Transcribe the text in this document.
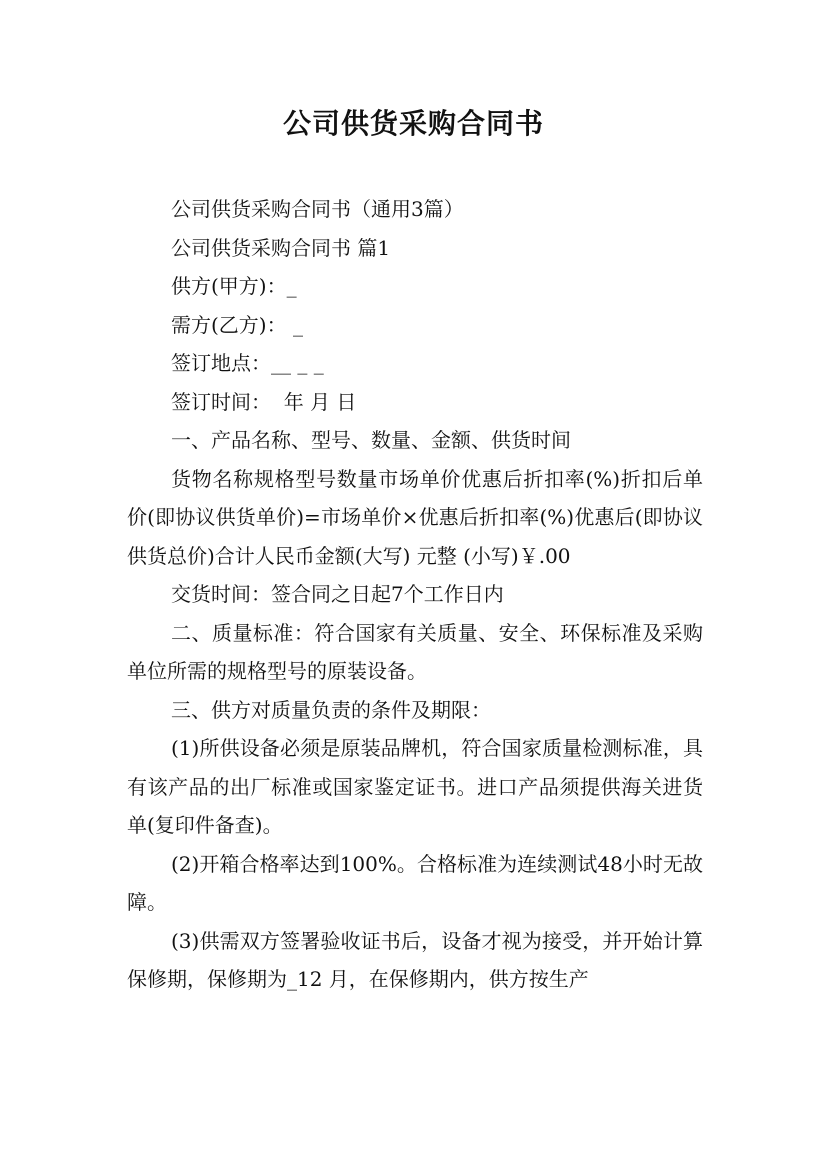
公司供货采购合同书

公司供货采购合同书（通用3篇）

公司供货采购合同书 篇1

供方(甲方)：_

需方(乙方)： _

签订地点：__ _ _

签订时间：  年 月 日

一、产品名称、型号、数量、金额、供货时间

货物名称规格型号数量市场单价优惠后折扣率(%)折扣后单价(即协议供货单价)=市场单价×优惠后折扣率(%)优惠后(即协议供货总价)合计人民币金额(大写) 元整 (小写)￥.00

交货时间：签合同之日起7个工作日内

二、质量标准：符合国家有关质量、安全、环保标准及采购单位所需的规格型号的原装设备。

三、供方对质量负责的条件及期限：

(1)所供设备必须是原装品牌机，符合国家质量检测标准，具有该产品的出厂标准或国家鉴定证书。进口产品须提供海关进货单(复印件备查)。

(2)开箱合格率达到100%。合格标准为连续测试48小时无故障。

(3)供需双方签署验收证书后，设备才视为接受，并开始计算保修期，保修期为_12 月，在保修期内，供方按生产
